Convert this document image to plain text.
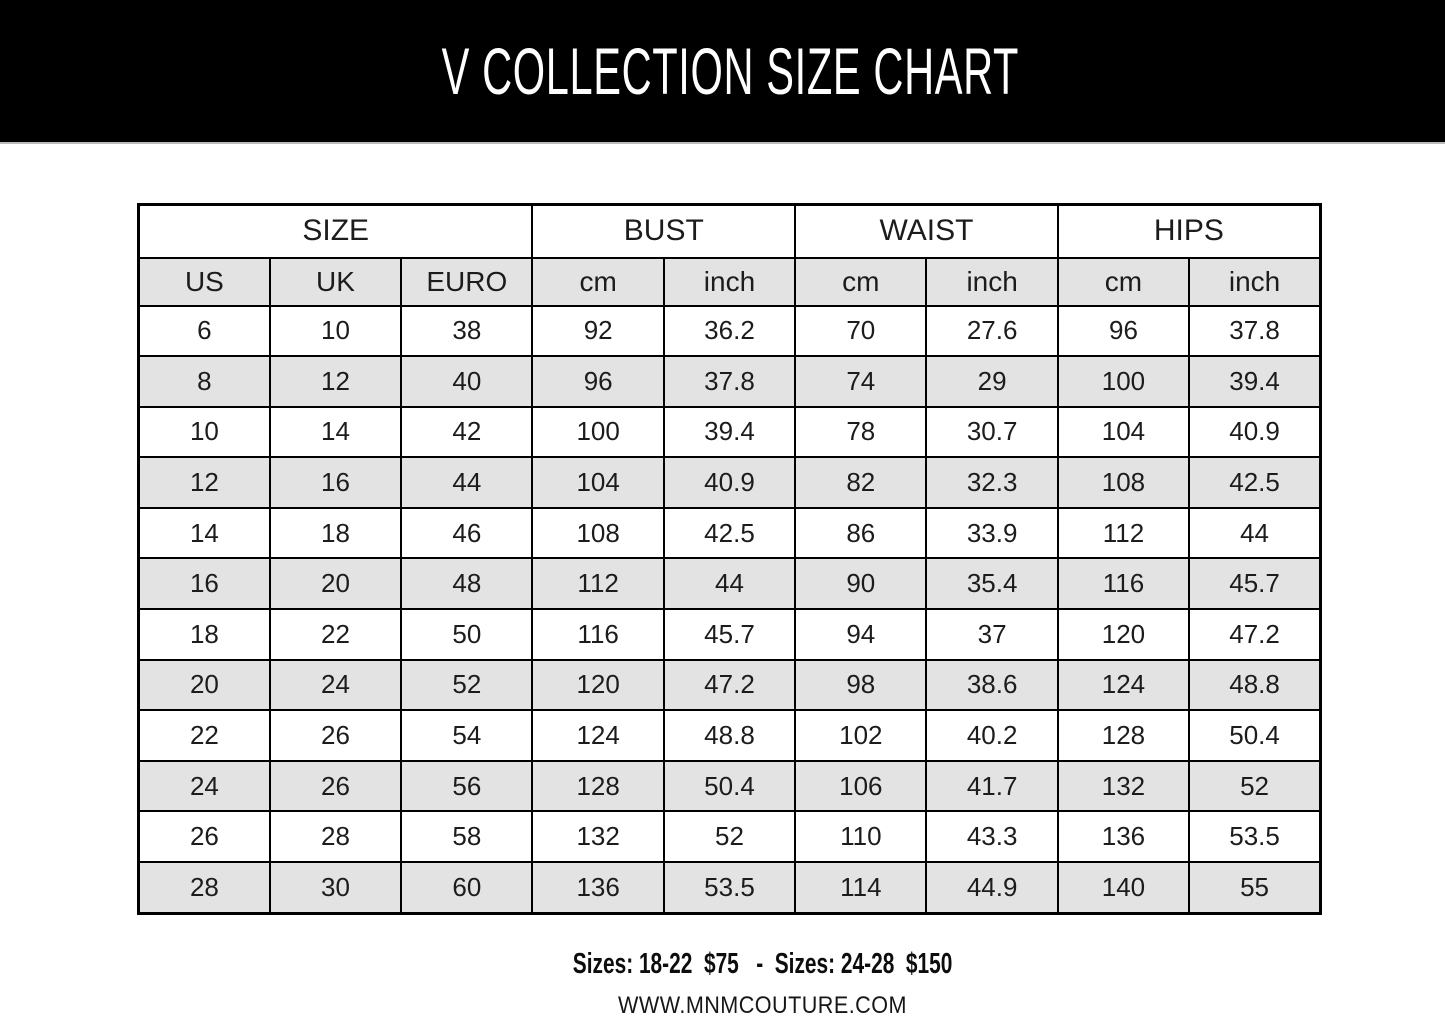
V COLLECTION SIZE CHART
SIZE			BUST		WAIST		HIPS	
US	UK	EURO	cm	inch	cm	inch	cm	inch
6	10	38	92	36.2	70	27.6	96	37.8
8	12	40	96	37.8	74	29	100	39.4
10	14	42	100	39.4	78	30.7	104	40.9
12	16	44	104	40.9	82	32.3	108	42.5
14	18	46	108	42.5	86	33.9	112	44
16	20	48	112	44	90	35.4	116	45.7
18	22	50	116	45.7	94	37	120	47.2
20	24	52	120	47.2	98	38.6	124	48.8
22	26	54	124	48.8	102	40.2	128	50.4
24	26	56	128	50.4	106	41.7	132	52
26	28	58	132	52	110	43.3	136	53.5
28	30	60	136	53.5	114	44.9	140	55

Sizes: 18-22  $75   -  Sizes: 24-28  $150

WWW.MNMCOUTURE.COM
